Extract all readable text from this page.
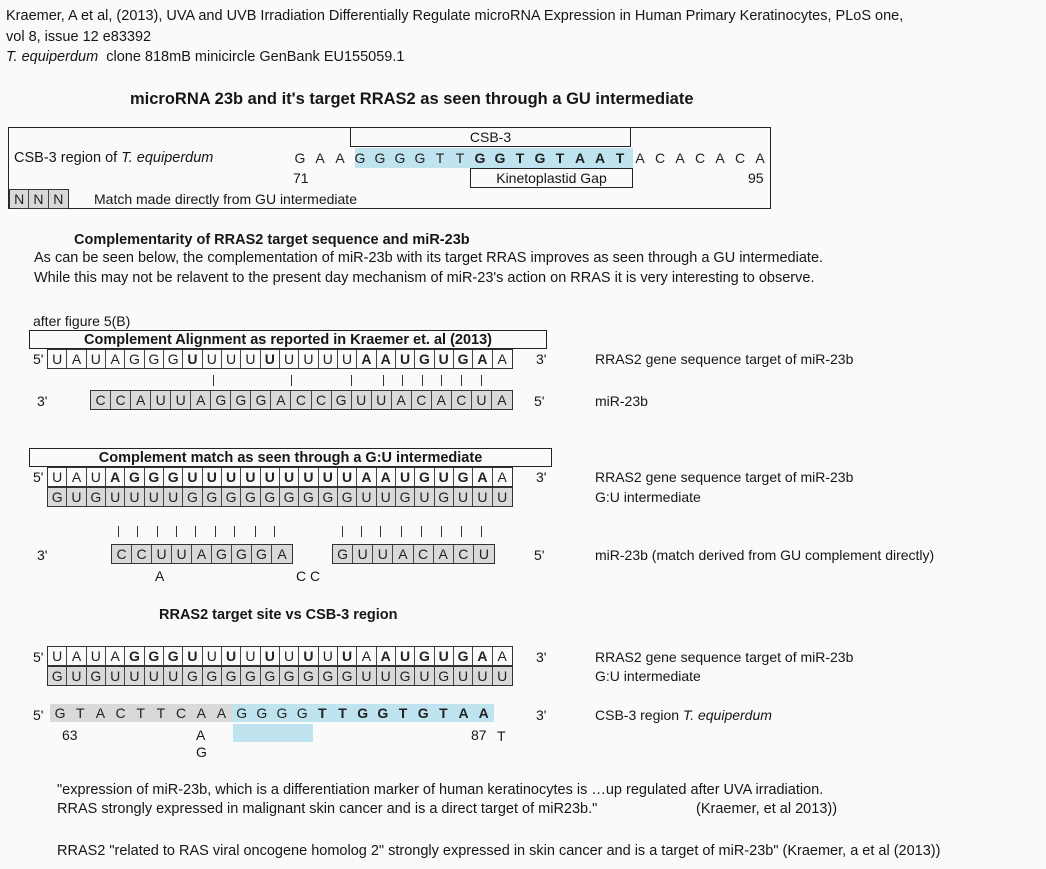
Kraemer, A et al, (2013), UVA and UVB Irradiation Differentially Regulate microRNA Expression in Human Primary Keratinocytes, PLoS one,
vol 8, issue 12 e83392
T. equiperdum clone 818mB minicircle GenBank EU155059.1
microRNA 23b and it's target RRAS2 as seen through a GU intermediate
CSB-3
CSB-3 region of T. equiperdum	G A A G G G G T T G G T G T A A T A C A C A C A
71	95
Kinetoplastid Gap
N N N	Match made directly from GU intermediate
Complementarity of RRAS2 target sequence and miR-23b
As can be seen below, the complementation of miR-23b with its target RRAS improves as seen through a GU intermediate.
While this may not be relavent to the present day mechanism of miR-23's action on RRAS it is very interesting to observe.
after figure 5(B)
Complement Alignment as reported in Kraemer et. al (2013)
5' U A U A G G G U U U U U U U U U A A U G U G A A	3'	RRAS2 gene sequence target of miR-23b
3'	C C A U U A G G G A C C G U U A C A C U A	5'	miR-23b
Complement match as seen through a G:U intermediate
5' U A U A G G G U U U U U U U U U A A U G U G A A	3'	RRAS2 gene sequence target of miR-23b
G U G U U U U G G G G G G G G G U U G U G U U U	G:U intermediate
3'	C C U U A G G G A	G U U A C A C U	5'	miR-23b (match derived from GU complement directly)
A	C C
RRAS2 target site vs CSB-3 region
5' U A U A G G G U U U U U U U U U A A U G U G A A	3'	RRAS2 gene sequence target of miR-23b
G U G U U U U G G G G G G G G G U U G U G U U U	G:U intermediate
5' G T A C T T C A A G G G G T T G G T G T A A	3'	CSB-3 region T. equiperdum
63	A	87 T
G
"expression of miR-23b, which is a differentiation marker of human keratinocytes is …up regulated after UVA irradiation.
RRAS strongly expressed in malignant skin cancer and is a direct target of miR23b."	(Kraemer, et al 2013))
RRAS2 "related to RAS viral oncogene homolog 2" strongly expressed in skin cancer and is a target of miR-23b" (Kraemer, a et al (2013))
